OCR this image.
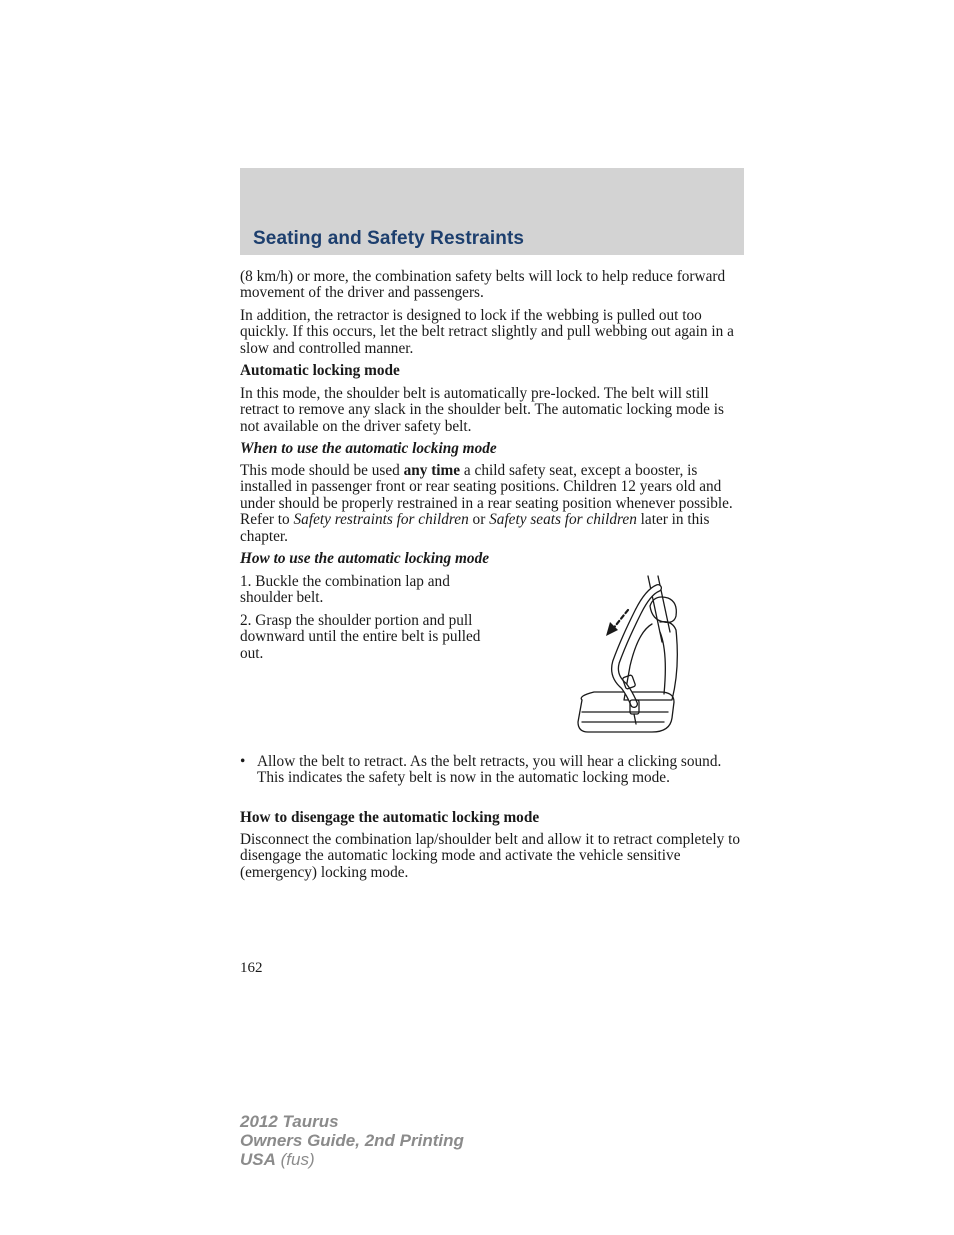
Seating and Safety Restraints

(8 km/h) or more, the combination safety belts will lock to help reduce forward movement of the driver and passengers.

In addition, the retractor is designed to lock if the webbing is pulled out too quickly. If this occurs, let the belt retract slightly and pull webbing out again in a slow and controlled manner.

Automatic locking mode

In this mode, the shoulder belt is automatically pre-locked. The belt will still retract to remove any slack in the shoulder belt. The automatic locking mode is not available on the driver safety belt.

When to use the automatic locking mode

This mode should be used any time a child safety seat, except a booster, is installed in passenger front or rear seating positions. Children 12 years old and under should be properly restrained in a rear seating position whenever possible. Refer to Safety restraints for children or Safety seats for children later in this chapter.

How to use the automatic locking mode

1. Buckle the combination lap and shoulder belt.

2. Grasp the shoulder portion and pull downward until the entire belt is pulled out.

• Allow the belt to retract. As the belt retracts, you will hear a clicking sound. This indicates the safety belt is now in the automatic locking mode.

How to disengage the automatic locking mode

Disconnect the combination lap/shoulder belt and allow it to retract completely to disengage the automatic locking mode and activate the vehicle sensitive (emergency) locking mode.

162
2012 Taurus
Owners Guide, 2nd Printing
USA (fus)
